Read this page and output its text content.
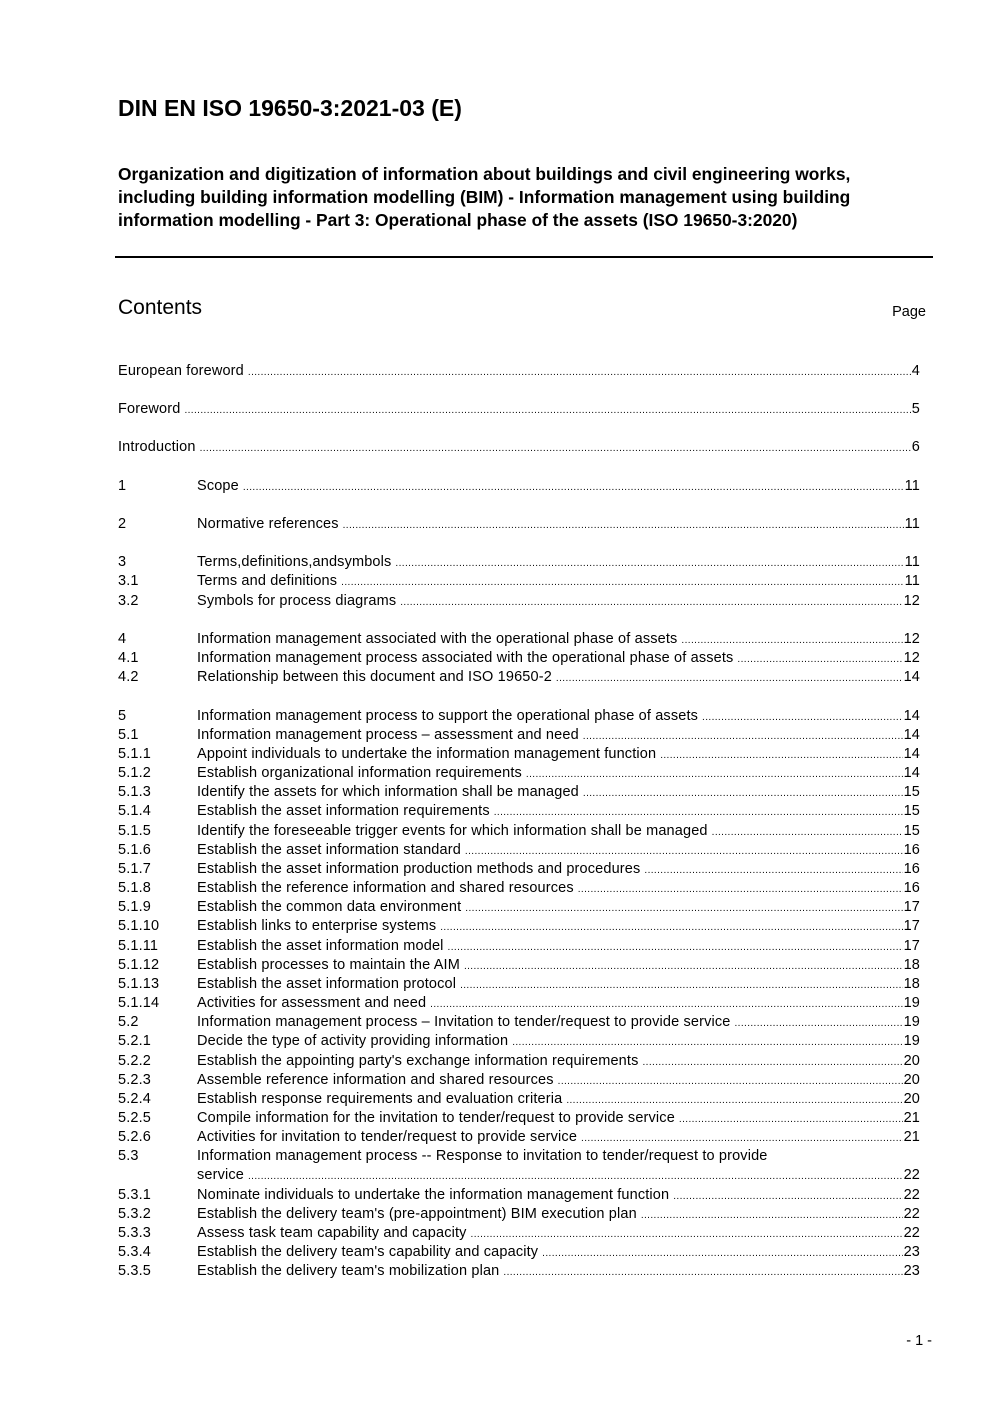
DIN EN ISO 19650-3:2021-03 (E)
Organization and digitization of information about buildings and civil engineering works, including building information modelling (BIM) - Information management using building information modelling - Part 3: Operational phase of the assets (ISO 19650-3:2020)
Contents	Page
European foreword .....	4
Foreword .....	5
Introduction .....	6
1	Scope .....	11
2	Normative references .....	11
3	Terms,definitions,andsymbols .....	11
3.1	Terms and definitions .....	11
3.2	Symbols for process diagrams .....	12
4	Information management associated with the operational phase of assets .....	12
4.1	Information management process associated with the operational phase of assets .....	12
4.2	Relationship between this document and ISO 19650-2 .....	14
5	Information management process to support the operational phase of assets .....	14
5.1	Information management process – assessment and need .....	14
5.1.1	Appoint individuals to undertake the information management function .....	14
5.1.2	Establish organizational information requirements .....	14
5.1.3	Identify the assets for which information shall be managed .....	15
5.1.4	Establish the asset information requirements .....	15
5.1.5	Identify the foreseeable trigger events for which information shall be managed .....	15
5.1.6	Establish the asset information standard .....	16
5.1.7	Establish the asset information production methods and procedures .....	16
5.1.8	Establish the reference information and shared resources .....	16
5.1.9	Establish the common data environment .....	17
5.1.10	Establish links to enterprise systems .....	17
5.1.11	Establish the asset information model .....	17
5.1.12	Establish processes to maintain the AIM .....	18
5.1.13	Establish the asset information protocol .....	18
5.1.14	Activities for assessment and need .....	19
5.2	Information management process – Invitation to tender/request to provide service .....	19
5.2.1	Decide the type of activity providing information .....	19
5.2.2	Establish the appointing party's exchange information requirements .....	20
5.2.3	Assemble reference information and shared resources .....	20
5.2.4	Establish response requirements and evaluation criteria .....	20
5.2.5	Compile information for the invitation to tender/request to provide service .....	21
5.2.6	Activities for invitation to tender/request to provide service .....	21
5.3	Information management process -- Response to invitation to tender/request to provide
service .....	22
5.3.1	Nominate individuals to undertake the information management function .....	22
5.3.2	Establish the delivery team's (pre-appointment) BIM execution plan .....	22
5.3.3	Assess task team capability and capacity .....	22
5.3.4	Establish the delivery team's capability and capacity .....	23
5.3.5	Establish the delivery team's mobilization plan .....	23
- 1 -
